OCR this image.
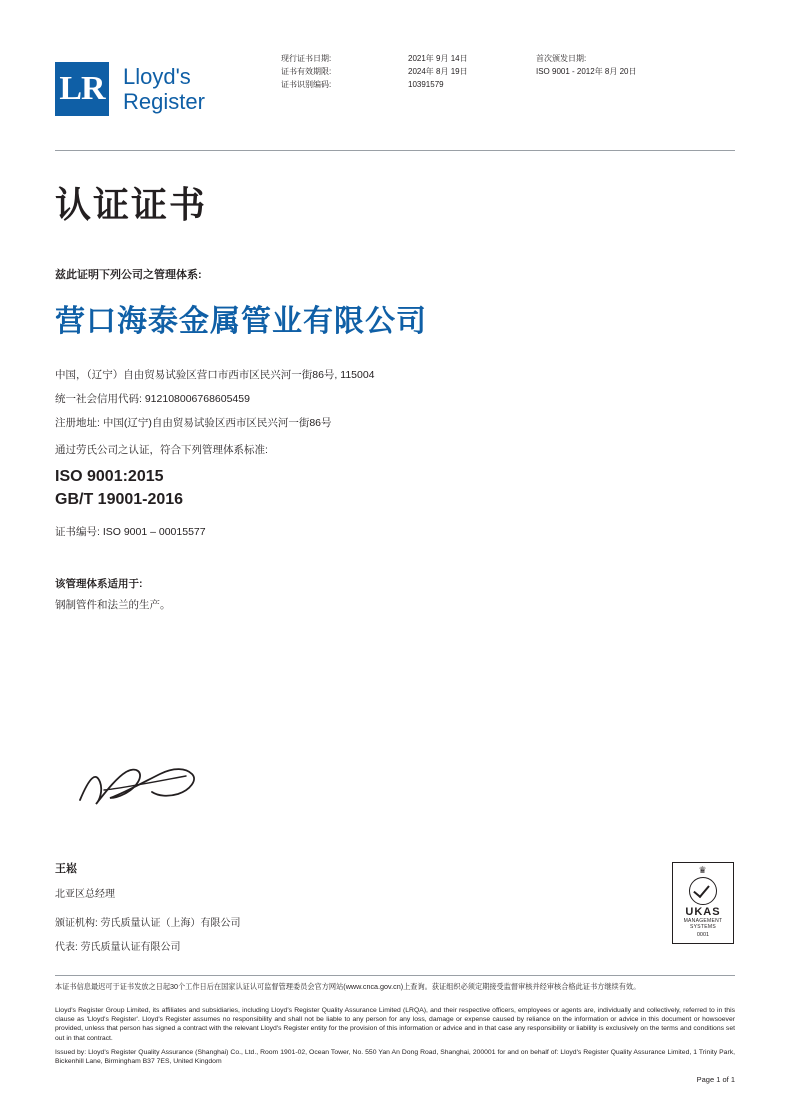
LR Lloyd's
Register
现行证书日期:
证书有效期限:
证书识别编码:
2021年 9月 14日
2024年 8月 19日
10391579
首次颁发日期:
ISO 9001 - 2012年 8月 20日
认证证书
兹此证明下列公司之管理体系:
营口海泰金属管业有限公司
中国，（辽宁）自由贸易试验区营口市西市区民兴河一街86号, 115004
统一社会信用代码: 912108006768605459
注册地址: 中国(辽宁)自由贸易试验区西市区民兴河一街86号
通过劳氏公司之认证，符合下列管理体系标准:
ISO 9001:2015
GB/T 19001-2016
证书编号: ISO 9001 – 00015577
该管理体系适用于:
钢制管件和法兰的生产。
王崧
北亚区总经理
颁证机构: 劳氏质量认证（上海）有限公司
代表: 劳氏质量认证有限公司
♛
UKAS
MANAGEMENT
SYSTEMS
0001
本证书信息最迟可于证书发放之日起30个工作日后在国家认证认可监督管理委员会官方网站(www.cnca.gov.cn)上查询。获证组织必须定期接受监督审核并经审核合格此证书方继续有效。

Lloyd's Register Group Limited, its affiliates and subsidiaries, including Lloyd's Register Quality Assurance Limited (LRQA), and their respective officers, employees or agents are, individually and collectively, referred to in this clause as 'Lloyd's Register'. Lloyd's Register assumes no responsibility and shall not be liable to any person for any loss, damage or expense caused by reliance on the information or advice in this document or howsoever provided, unless that person has signed a contract with the relevant Lloyd's Register entity for the provision of this information or advice and in that case any responsibility or liability is exclusively on the terms and conditions set out in that contract.

Issued by: Lloyd's Register Quality Assurance (Shanghai) Co., Ltd., Room 1901-02, Ocean Tower, No. 550 Yan An Dong Road, Shanghai, 200001 for and on behalf of: Lloyd's Register Quality Assurance Limited, 1 Trinity Park, Bickenhill Lane, Birmingham B37 7ES, United Kingdom

Page 1 of 1
